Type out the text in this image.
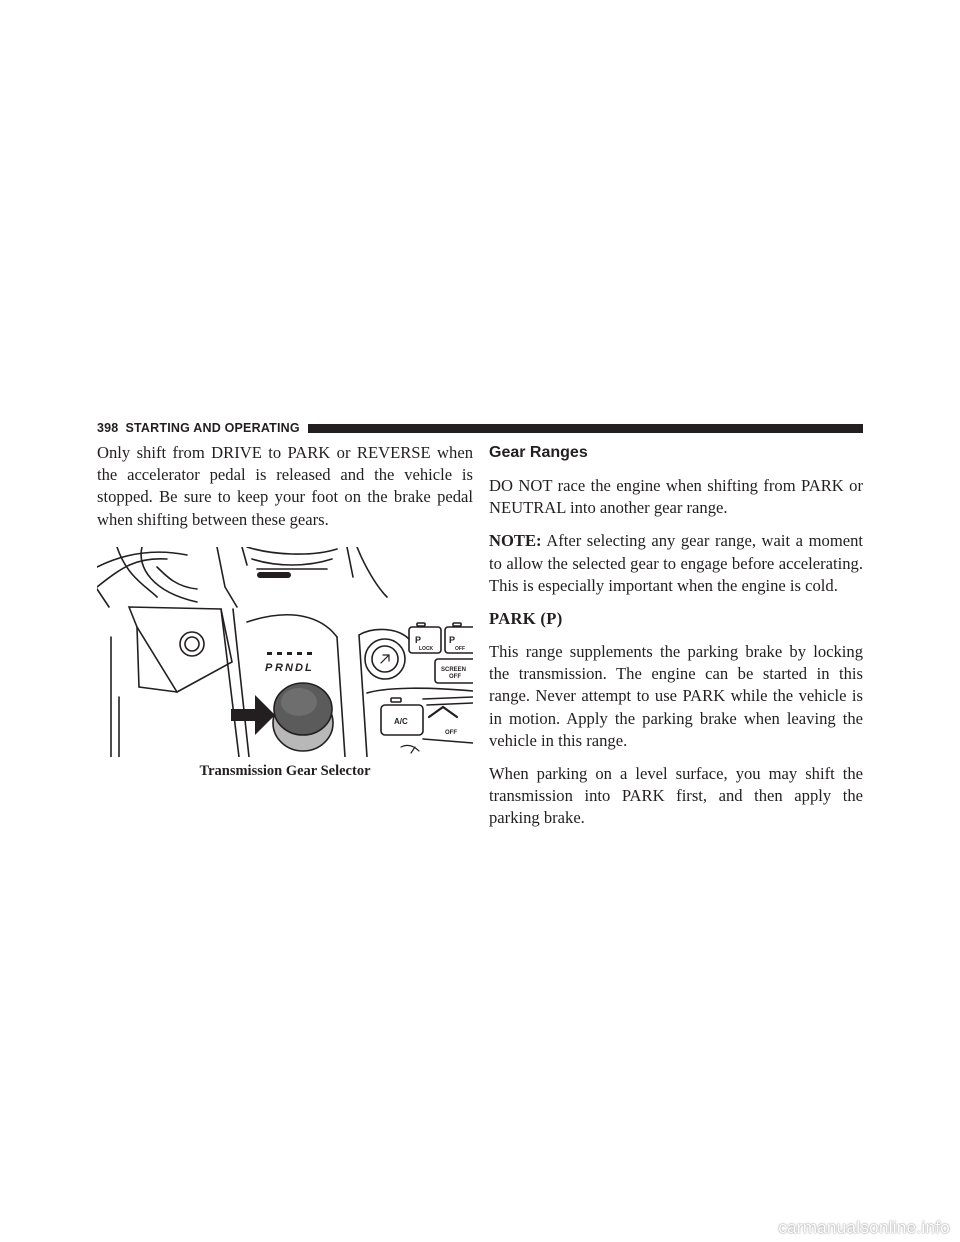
398 STARTING AND OPERATING

Only shift from DRIVE to PARK or REVERSE when the accelerator pedal is released and the vehicle is stopped. Be sure to keep your foot on the brake pedal when shifting between these gears.

P R N D L
P	P
LOCK	OFF
SCREEN
OFF
A/C
OFF
Transmission Gear Selector
Gear Ranges

DO NOT race the engine when shifting from PARK or NEUTRAL into another gear range.

NOTE: After selecting any gear range, wait a moment to allow the selected gear to engage before accelerating. This is especially important when the engine is cold.

PARK (P)

This range supplements the parking brake by locking the transmission. The engine can be started in this range. Never attempt to use PARK while the vehicle is in motion. Apply the parking brake when leaving the vehicle in this range.

When parking on a level surface, you may shift the transmission into PARK first, and then apply the parking brake.

carmanualsonline.info
